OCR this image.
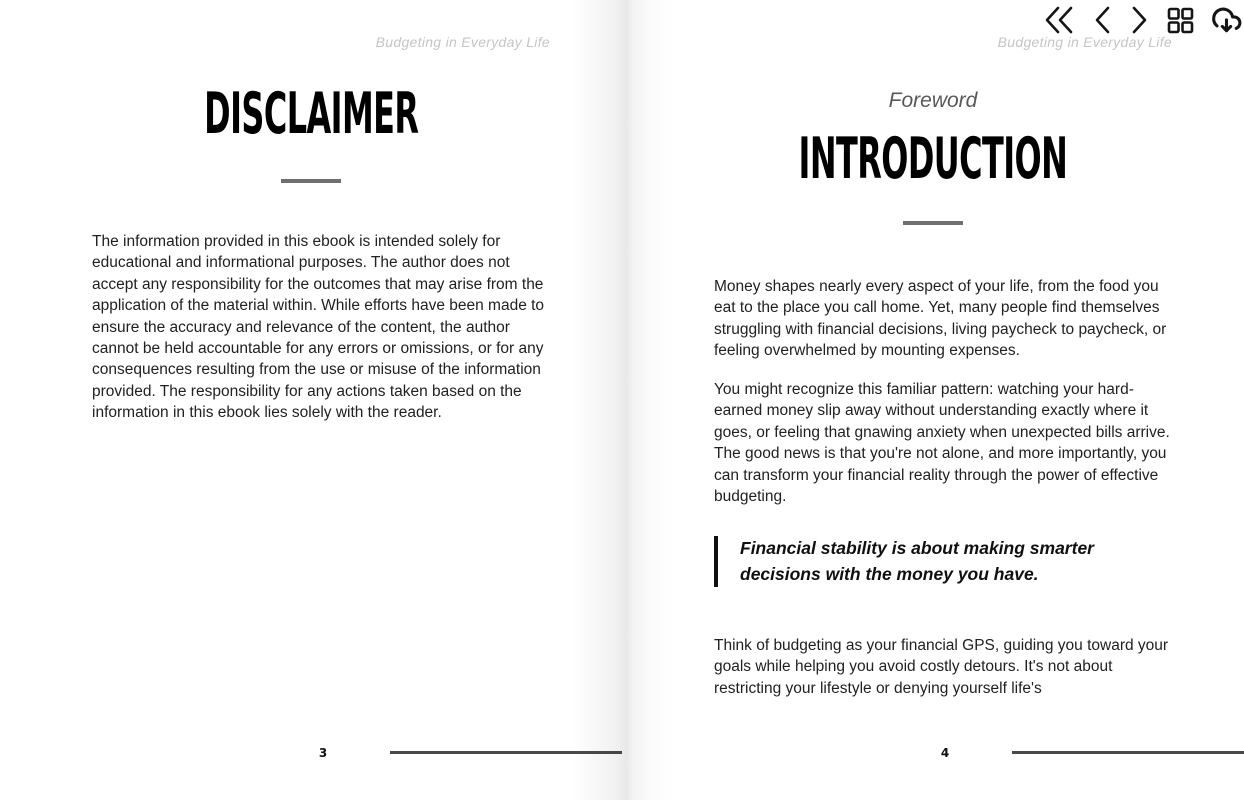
Budgeting in Everyday Life
DISCLAIMER

The information provided in this ebook is intended solely for educational and informational purposes. The author does not accept any responsibility for the outcomes that may arise from the application of the material within. While efforts have been made to ensure the accuracy and relevance of the content, the author cannot be held accountable for any errors or omissions, or for any consequences resulting from the use or misuse of the information provided. The responsibility for any actions taken based on the information in this ebook lies solely with the reader.

3
Budgeting in Everyday Life
Foreword
INTRODUCTION

Money shapes nearly every aspect of your life, from the food you eat to the place you call home. Yet, many people find themselves struggling with financial decisions, living paycheck to paycheck, or feeling overwhelmed by mounting expenses.

You might recognize this familiar pattern: watching your hard-earned money slip away without understanding exactly where it goes, or feeling that gnawing anxiety when unexpected bills arrive. The good news is that you're not alone, and more importantly, you can transform your financial reality through the power of effective budgeting.

Financial stability is about making smarter decisions with the money you have.

Think of budgeting as your financial GPS, guiding you toward your goals while helping you avoid costly detours. It's not about restricting your lifestyle or denying yourself life's

4
